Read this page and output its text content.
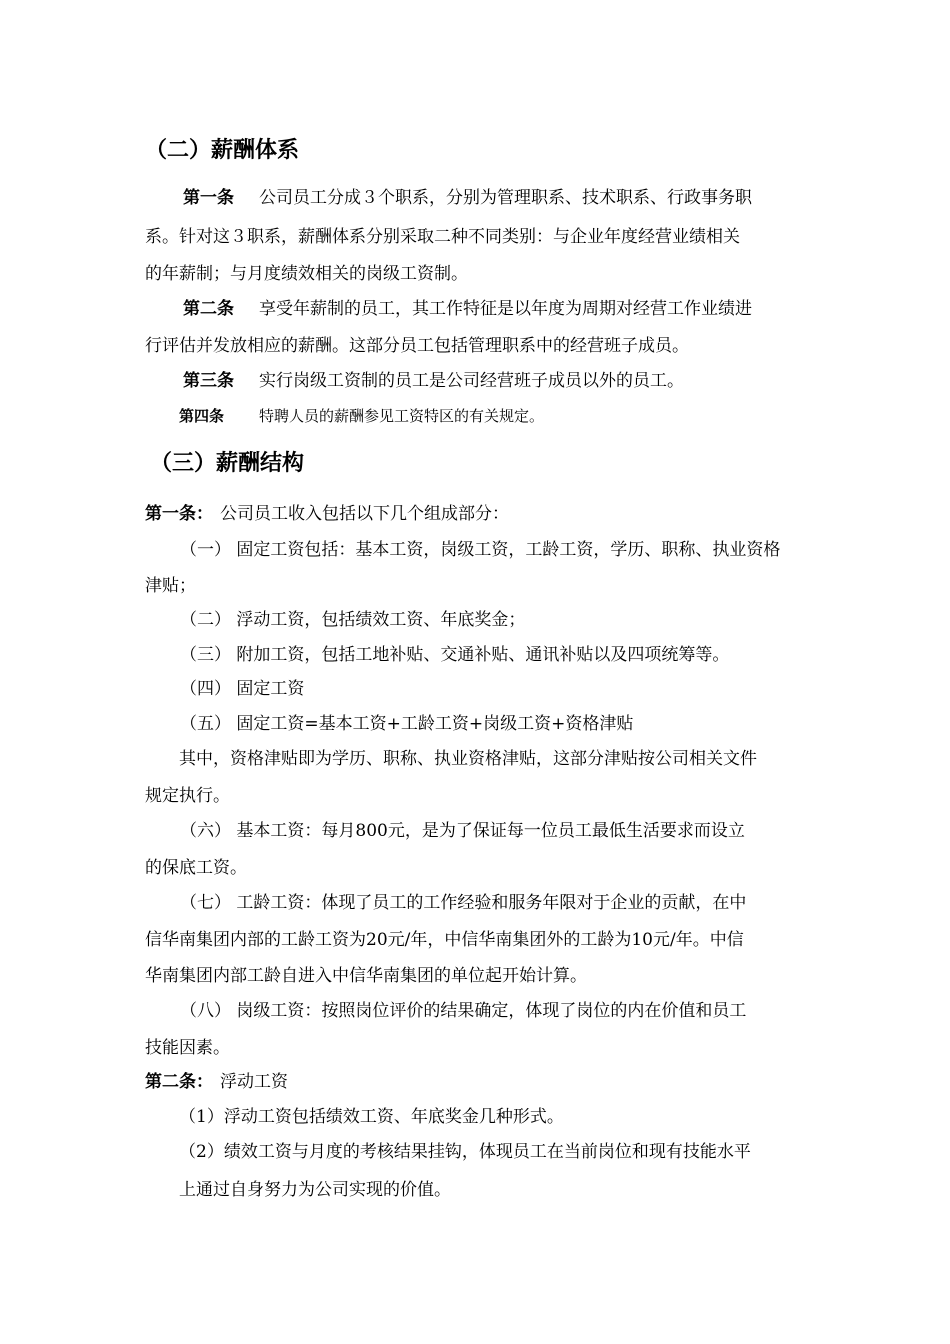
（二）薪酬体系
第一条 公司员工分成３个职系，分别为管理职系、技术职系、行政事务职
系。针对这３职系，薪酬体系分别采取二种不同类别：与企业年度经营业绩相关
的年薪制；与月度绩效相关的岗级工资制。
第二条 享受年薪制的员工，其工作特征是以年度为周期对经营工作业绩进
行评估并发放相应的薪酬。这部分员工包括管理职系中的经营班子成员。
第三条 实行岗级工资制的员工是公司经营班子成员以外的员工。
第四条 特聘人员的薪酬参见工资特区的有关规定。
（三）薪酬结构
第一条： 公司员工收入包括以下几个组成部分：
（一） 固定工资包括：基本工资，岗级工资，工龄工资，学历、职称、执业资格
津贴；
（二） 浮动工资，包括绩效工资、年底奖金；
（三） 附加工资，包括工地补贴、交通补贴、通讯补贴以及四项统筹等。
（四） 固定工资
（五） 固定工资=基本工资+工龄工资+岗级工资+资格津贴
其中，资格津贴即为学历、职称、执业资格津贴，这部分津贴按公司相关文件
规定执行。
（六） 基本工资：每月800元，是为了保证每一位员工最低生活要求而设立
的保底工资。
（七） 工龄工资：体现了员工的工作经验和服务年限对于企业的贡献，在中
信华南集团内部的工龄工资为20元/年，中信华南集团外的工龄为10元/年。中信
华南集团内部工龄自进入中信华南集团的单位起开始计算。
（八） 岗级工资：按照岗位评价的结果确定，体现了岗位的内在价值和员工
技能因素。
第二条： 浮动工资
（1）浮动工资包括绩效工资、年底奖金几种形式。
（2）绩效工资与月度的考核结果挂钩，体现员工在当前岗位和现有技能水平
上通过自身努力为公司实现的价值。
